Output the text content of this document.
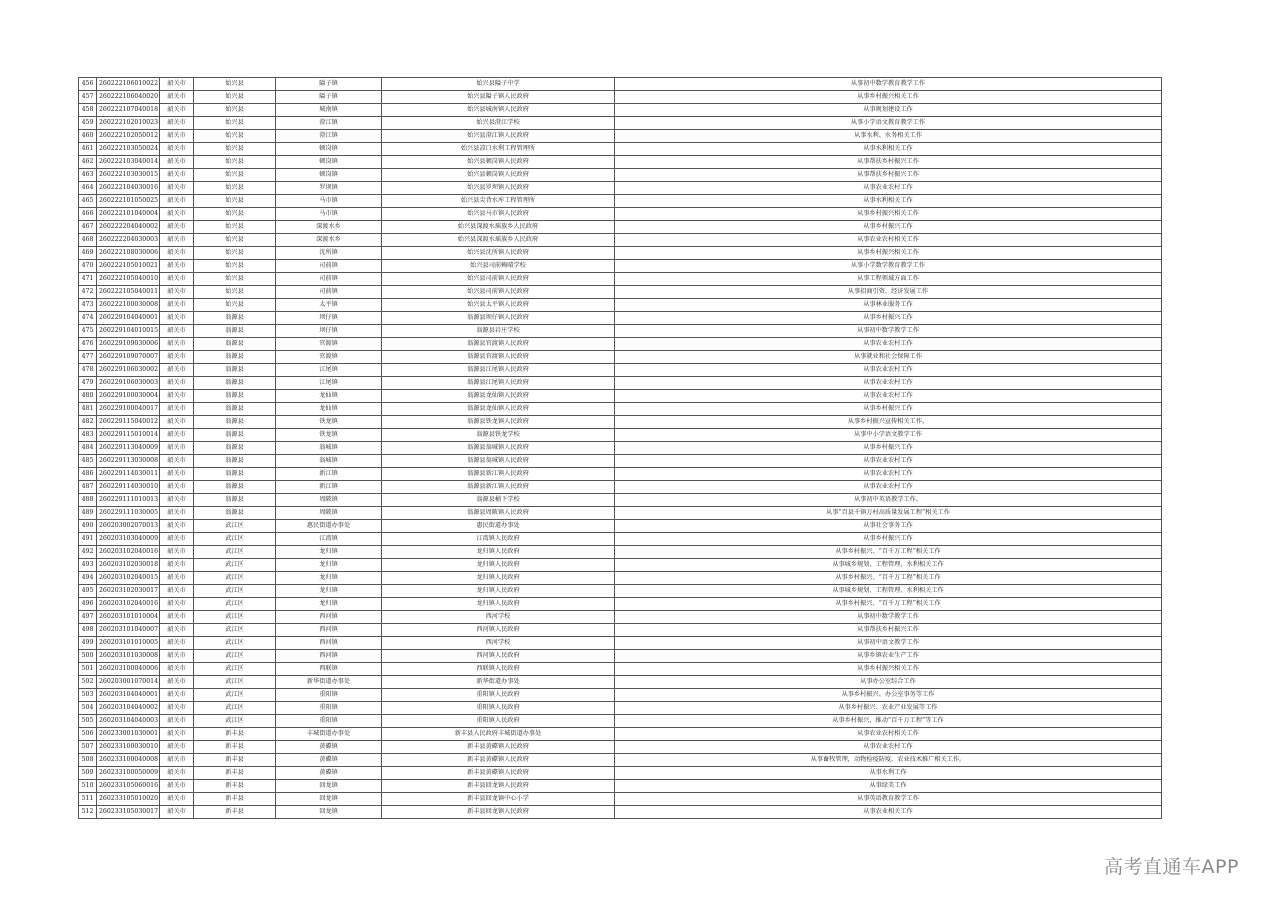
456	260222106010022	韶关市	始兴县	隘子镇	始兴县隘子中学	从事初中数学教育教学工作
457	260222106040020	韶关市	始兴县	隘子镇	始兴县隘子镇人民政府	从事乡村振兴相关工作
458	260222107040018	韶关市	始兴县	城南镇	始兴县城南镇人民政府	从事规划建设工作
459	260222102010023	韶关市	始兴县	澄江镇	始兴县澄江学校	从事小学语文教育教学工作
460	260222102050012	韶关市	始兴县	澄江镇	始兴县澄江镇人民政府	从事水利、水务相关工作
461	260222103050024	韶关市	始兴县	顿岗镇	始兴县凉口水利工程管理所	从事水利相关工作
462	260222103040014	韶关市	始兴县	顿岗镇	始兴县顿岗镇人民政府	从事帮扶乡村振兴工作
463	260222103030015	韶关市	始兴县	顿岗镇	始兴县顿岗镇人民政府	从事帮扶乡村振兴工作
464	260222104030016	韶关市	始兴县	罗坝镇	始兴县罗坝镇人民政府	从事农业农村工作
465	260222101050025	韶关市	始兴县	马市镇	始兴县尖背水库工程管理所	从事水利相关工作
466	260222101040004	韶关市	始兴县	马市镇	始兴县马市镇人民政府	从事乡村振兴相关工作
467	260222204040002	韶关市	始兴县	深渡水乡	始兴县深渡水瑶族乡人民政府	从事乡村振兴工作
468	260222204030003	韶关市	始兴县	深渡水乡	始兴县深渡水瑶族乡人民政府	从事农业农村相关工作
469	260222108030006	韶关市	始兴县	沈所镇	始兴县沈所镇人民政府	从事乡村振兴相关工作
470	260222105010021	韶关市	始兴县	司前镇	始兴县司前赖晴学校	从事小学数学教育教学工作
471	260222105040010	韶关市	始兴县	司前镇	始兴县司前镇人民政府	从事工程领域方面工作
472	260222105040011	韶关市	始兴县	司前镇	始兴县司前镇人民政府	从事招商引资、经济发展工作
473	260222100030008	韶关市	始兴县	太平镇	始兴县太平镇人民政府	从事林业服务工作
474	260229104040001	韶关市	翁源县	坝仔镇	翁源县坝仔镇人民政府	从事乡村振兴工作
475	260229104010015	韶关市	翁源县	坝仔镇	翁源县岩庄学校	从事初中数学教学工作
476	260229109030006	韶关市	翁源县	官渡镇	翁源县官渡镇人民政府	从事农业农村工作
477	260229109070007	韶关市	翁源县	官渡镇	翁源县官渡镇人民政府	从事就业和社会保障工作
478	260229106030002	韶关市	翁源县	江尾镇	翁源县江尾镇人民政府	从事农业农村工作
479	260229106030003	韶关市	翁源县	江尾镇	翁源县江尾镇人民政府	从事农业农村工作
480	260229100030004	韶关市	翁源县	龙仙镇	翁源县龙仙镇人民政府	从事农业农村工作
481	260229100040017	韶关市	翁源县	龙仙镇	翁源县龙仙镇人民政府	从事乡村振兴工作
482	260229115040012	韶关市	翁源县	铁龙镇	翁源县铁龙镇人民政府	从事乡村振兴宣传相关工作。
483	260229115010014	韶关市	翁源县	铁龙镇	翁源县铁龙学校	从事中小学语文教学工作
484	260229113040009	韶关市	翁源县	翁城镇	翁源县翁城镇人民政府	从事乡村振兴工作
485	260229113030008	韶关市	翁源县	翁城镇	翁源县翁城镇人民政府	从事农业农村工作
486	260229114030011	韶关市	翁源县	新江镇	翁源县新江镇人民政府	从事农业农村工作
487	260229114030010	韶关市	翁源县	新江镇	翁源县新江镇人民政府	从事农业农村工作
488	260229111010013	韶关市	翁源县	周陂镇	翁源县桶下学校	从事初中英语教学工作。
489	260229111030005	韶关市	翁源县	周陂镇	翁源县周陂镇人民政府	从事“百县千镇万村高质量发展工程”相关工作
490	260203002070013	韶关市	武江区	惠民街道办事处	惠民街道办事处	从事社会事务工作
491	260203103040009	韶关市	武江区	江湾镇	江湾镇人民政府	从事乡村振兴工作
492	260203102040016	韶关市	武江区	龙归镇	龙归镇人民政府	从事乡村振兴、“百千万工程”相关工作
493	260203102030018	韶关市	武江区	龙归镇	龙归镇人民政府	从事城乡规划、工程管理、水利相关工作
494	260203102040015	韶关市	武江区	龙归镇	龙归镇人民政府	从事乡村振兴、“百千万工程”相关工作
495	260203102030017	韶关市	武江区	龙归镇	龙归镇人民政府	从事城乡规划、工程管理、水利相关工作
496	260203102040016	韶关市	武江区	龙归镇	龙归镇人民政府	从事乡村振兴、“百千万工程”相关工作
497	260203101010004	韶关市	武江区	西河镇	西河学校	从事初中数学教学工作
498	260203101040007	韶关市	武江区	西河镇	西河镇人民政府	从事帮扶乡村振兴工作
499	260203101010005	韶关市	武江区	西河镇	西河学校	从事初中语文教学工作
500	260203101030008	韶关市	武江区	西河镇	西河镇人民政府	从事乡镇农业生产工作
501	260203100040006	韶关市	武江区	西联镇	西联镇人民政府	从事乡村振兴相关工作
502	260203001070014	韶关市	武江区	新华街道办事处	新华街道办事处	从事办公室综合工作
503	260203104040001	韶关市	武江区	重阳镇	重阳镇人民政府	从事乡村振兴、办公室事务等工作
504	260203104040002	韶关市	武江区	重阳镇	重阳镇人民政府	从事乡村振兴、农业产业发展等工作
505	260203104040003	韶关市	武江区	重阳镇	重阳镇人民政府	从事乡村振兴，推动“百千万工程”等工作
506	260233001030001	韶关市	新丰县	丰城街道办事处	新丰县人民政府丰城街道办事处	从事农业农村相关工作
507	260233100030010	韶关市	新丰县	黄磜镇	新丰县黄磜镇人民政府	从事农业农村工作
508	260233100040008	韶关市	新丰县	黄磜镇	新丰县黄磜镇人民政府	从事畜牧管理，动物检疫防疫，农业技术推广相关工作。
509	260233100050009	韶关市	新丰县	黄磜镇	新丰县黄磜镇人民政府	从事水利工作
510	260233105060016	韶关市	新丰县	回龙镇	新丰县回龙镇人民政府	从事绿美工作
511	260233105010020	韶关市	新丰县	回龙镇	新丰县回龙镇中心小学	从事英语教育教学工作
512	260233105030017	韶关市	新丰县	回龙镇	新丰县回龙镇人民政府	从事农业相关工作
高考直通车APP
